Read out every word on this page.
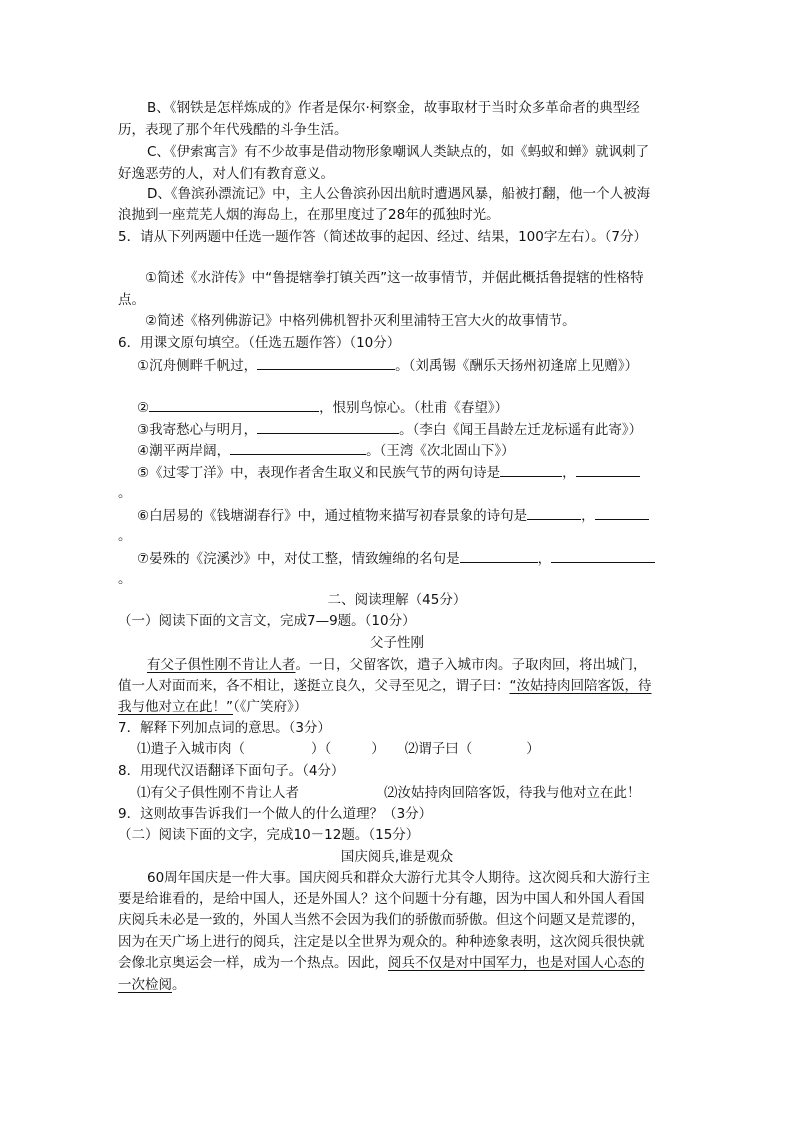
B、《钢铁是怎样炼成的》作者是保尔·柯察金，故事取材于当时众多革命者的典型经
历，表现了那个年代残酷的斗争生活。
C、《伊索寓言》有不少故事是借动物形象嘲讽人类缺点的，如《蚂蚁和蝉》就讽刺了
好逸恶劳的人，对人们有教育意义。
D、《鲁滨孙漂流记》中，主人公鲁滨孙因出航时遭遇风暴，船被打翻，他一个人被海
浪抛到一座荒芜人烟的海岛上，在那里度过了28年的孤独时光。
5．请从下列两题中任选一题作答（简述故事的起因、经过、结果，100字左右）。（7分）
①简述《水浒传》中“鲁提辖拳打镇关西”这一故事情节，并倨此概括鲁提辖的性格特
点。
②简述《格列佛游记》中格列佛机智扑灭利里浦特王宫大火的故事情节。
6．用课文原句填空。（任选五题作答）（10分）
①沉舟侧畔千帆过，	。（刘禹锡《酬乐天扬州初逢席上见赠》）
②	，恨别鸟惊心。（杜甫《春望》）
③我寄愁心与明月，	。（李白《闻王昌龄左迁龙标遥有此寄》）
④潮平两岸阔，	。（王湾《次北固山下》）
⑤《过零丁洋》中，表现作者舍生取义和民族气节的两句诗是	，
。
⑥白居易的《钱塘湖春行》中，通过植物来描写初春景象的诗句是	，
。
⑦晏殊的《浣溪沙》中，对仗工整，情致缠绵的名句是	，
。
二、阅读理解（45分）
（一）阅读下面的文言文，完成7—9题。（10分）
父子性刚
有父子俱性刚不肯让人者。一日，父留客饮，遣子入城市肉。子取肉回，将出城门，
值一人对面而来，各不相让，遂挺立良久，父寻至见之，谓子曰：“汝姑持肉回陪客饭，待
我与他对立在此！”（《广笑府》）
7．解释下列加点词的意思。（3分）
⑴遣子入城市肉（	）（	） ⑵谓子曰（	）
8．用现代汉语翻译下面句子。（4分）
⑴有父子俱性刚不肯让人者	⑵汝姑持肉回陪客饭，待我与他对立在此！
9．这则故事告诉我们一个做人的什么道理？（3分）
（二）阅读下面的文字，完成10－12题。（15分）
国庆阅兵,谁是观众
60周年国庆是一件大事。国庆阅兵和群众大游行尤其令人期待。这次阅兵和大游行主
要是给谁看的，是给中国人，还是外国人？这个问题十分有趣，因为中国人和外国人看国
庆阅兵未必是一致的，外国人当然不会因为我们的骄傲而骄傲。但这个问题又是荒谬的，
因为在天广场上进行的阅兵，注定是以全世界为观众的。种种迹象表明，这次阅兵很快就
会像北京奥运会一样，成为一个热点。因此，阅兵不仅是对中国军力，也是对国人心态的
一次检阅。
